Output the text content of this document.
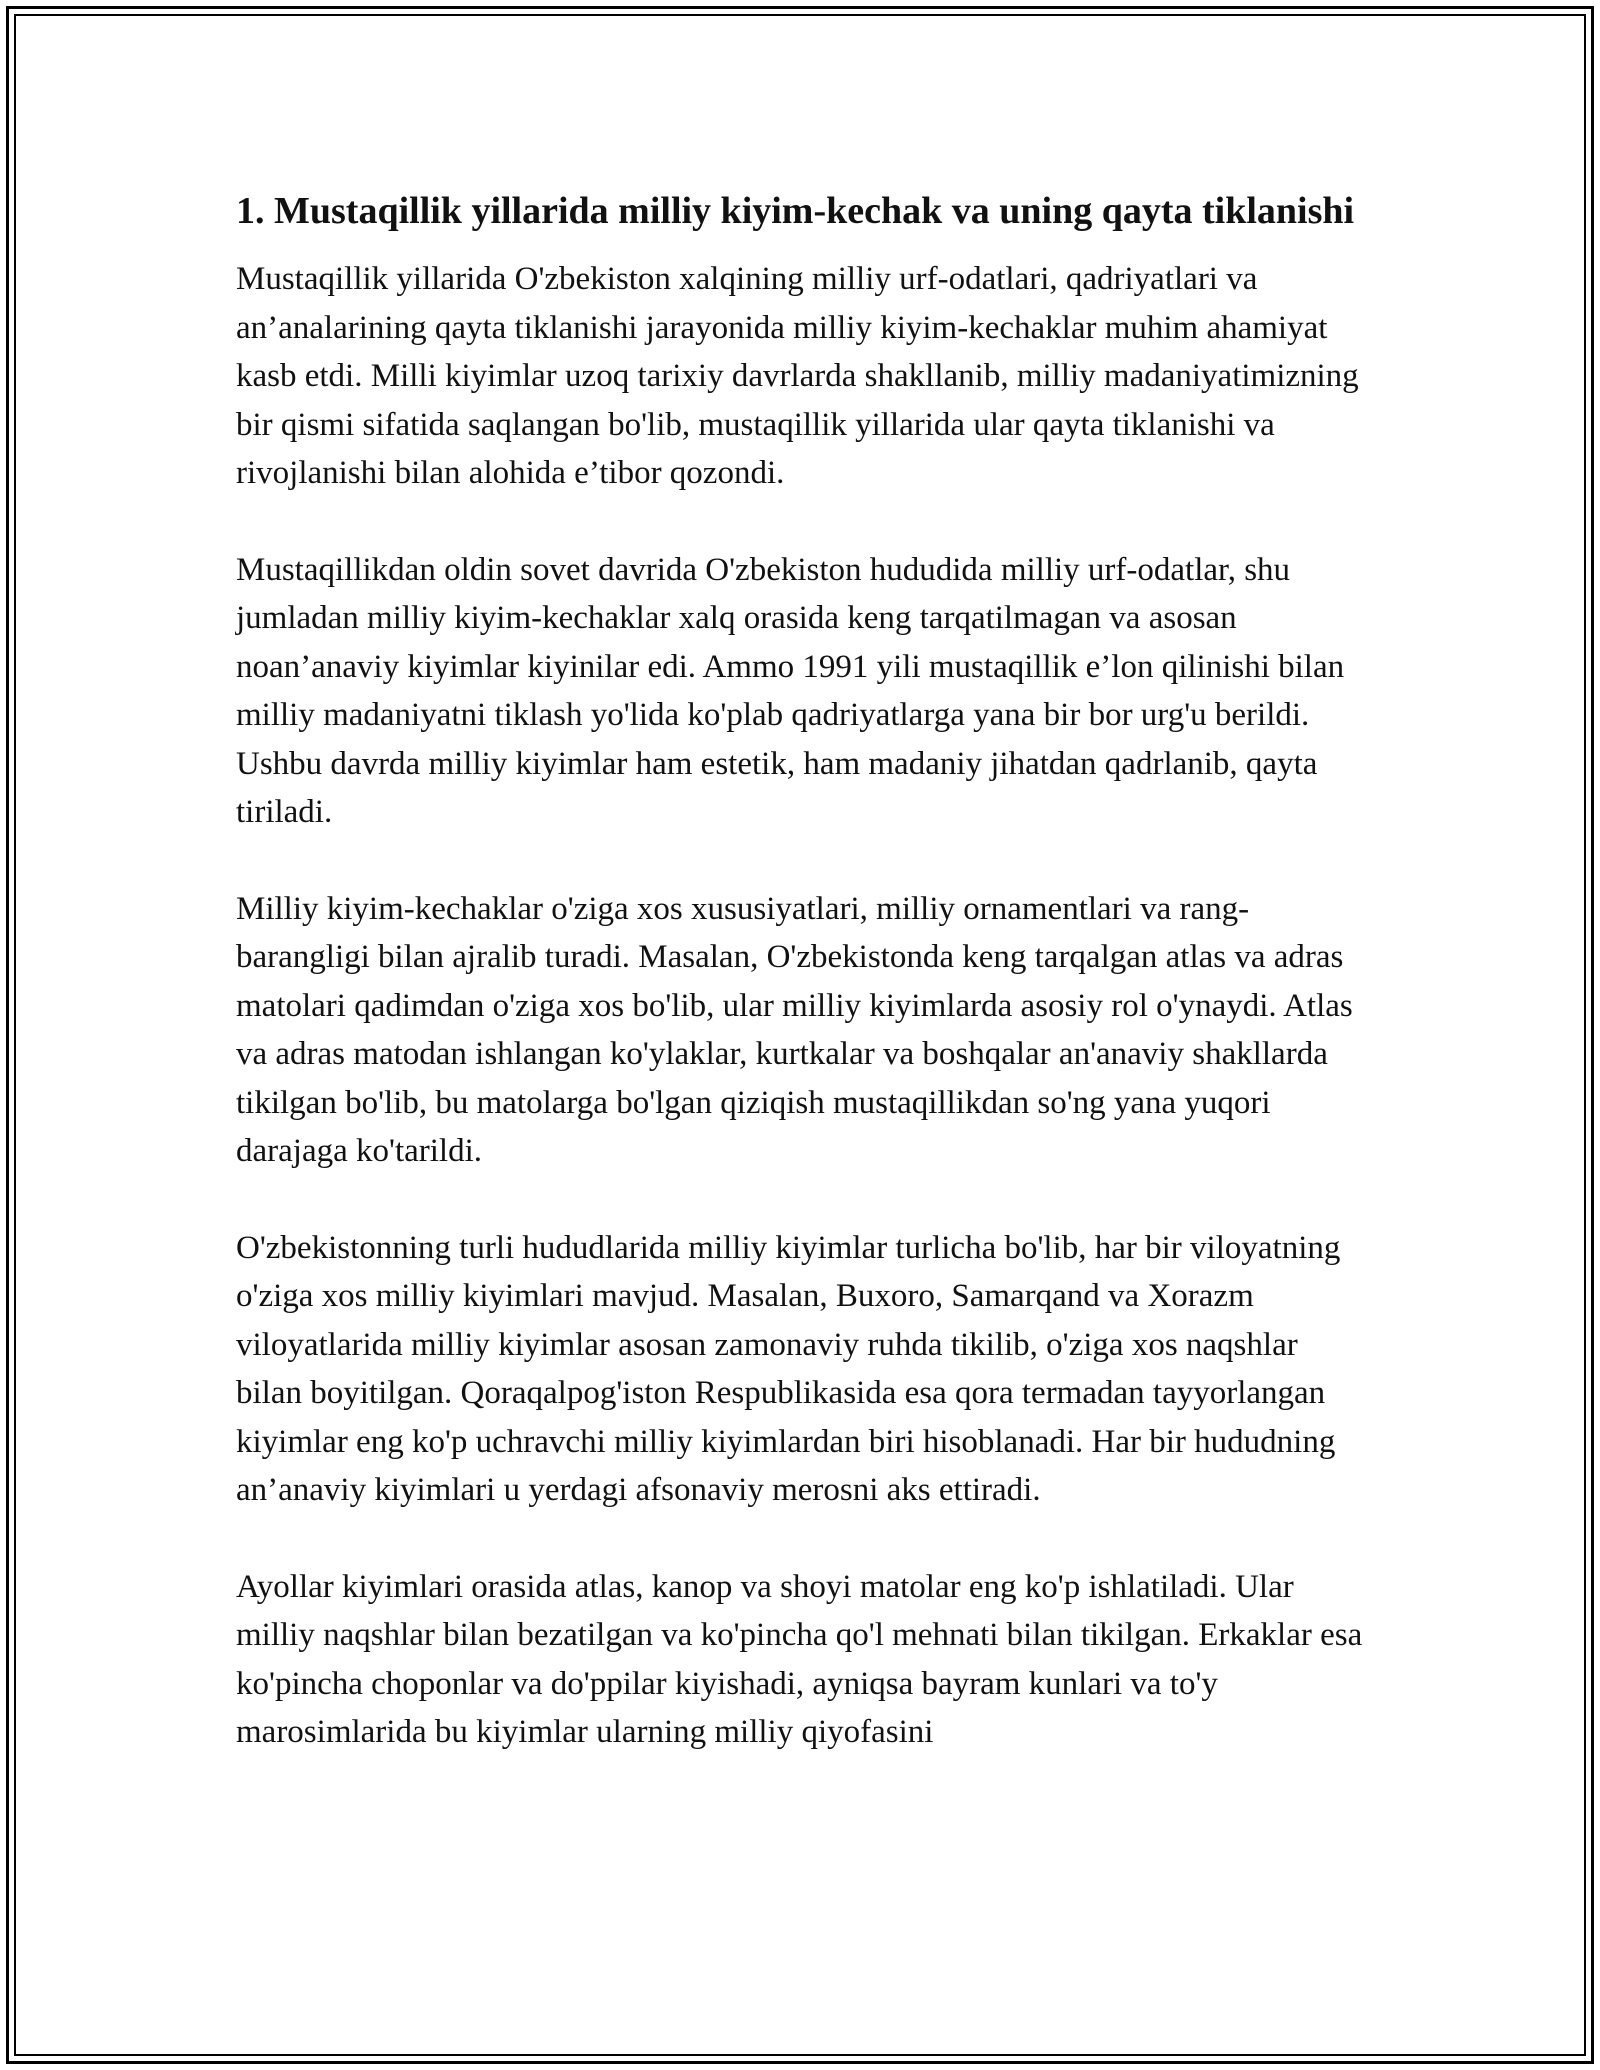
1. Mustaqillik yillarida milliy kiyim-kechak va uning qayta tiklanishi

Mustaqillik yillarida O'zbekiston xalqining milliy urf-odatlari, qadriyatlari va an’analarining qayta tiklanishi jarayonida milliy kiyim-kechaklar muhim ahamiyat kasb etdi. Milli kiyimlar uzoq tarixiy davrlarda shakllanib, milliy madaniyatimizning bir qismi sifatida saqlangan bo'lib, mustaqillik yillarida ular qayta tiklanishi va rivojlanishi bilan alohida e’tibor qozondi.

Mustaqillikdan oldin sovet davrida O'zbekiston hududida milliy urf-odatlar, shu jumladan milliy kiyim-kechaklar xalq orasida keng tarqatilmagan va asosan noan’anaviy kiyimlar kiyinilar edi. Ammo 1991 yili mustaqillik e’lon qilinishi bilan milliy madaniyatni tiklash yo'lida ko'plab qadriyatlarga yana bir bor urg'u berildi. Ushbu davrda milliy kiyimlar ham estetik, ham madaniy jihatdan qadrlanib, qayta tiriladi.

Milliy kiyim-kechaklar o'ziga xos xususiyatlari, milliy ornamentlari va rang-barangligi bilan ajralib turadi. Masalan, O'zbekistonda keng tarqalgan atlas va adras matolari qadimdan o'ziga xos bo'lib, ular milliy kiyimlarda asosiy rol o'ynaydi. Atlas va adras matodan ishlangan ko'ylaklar, kurtkalar va boshqalar an'anaviy shakllarda tikilgan bo'lib, bu matolarga bo'lgan qiziqish mustaqillikdan so'ng yana yuqori darajaga ko'tarildi.

O'zbekistonning turli hududlarida milliy kiyimlar turlicha bo'lib, har bir viloyatning o'ziga xos milliy kiyimlari mavjud. Masalan, Buxoro, Samarqand va Xorazm viloyatlarida milliy kiyimlar asosan zamonaviy ruhda tikilib, o'ziga xos naqshlar bilan boyitilgan. Qoraqalpog'iston Respublikasida esa qora termadan tayyorlangan kiyimlar eng ko'p uchravchi milliy kiyimlardan biri hisoblanadi. Har bir hududning an’anaviy kiyimlari u yerdagi afsonaviy merosni aks ettiradi.

Ayollar kiyimlari orasida atlas, kanop va shoyi matolar eng ko'p ishlatiladi. Ular milliy naqshlar bilan bezatilgan va ko'pincha qo'l mehnati bilan tikilgan. Erkaklar esa ko'pincha choponlar va do'ppilar kiyishadi, ayniqsa bayram kunlari va to'y marosimlarida bu kiyimlar ularning milliy qiyofasini
